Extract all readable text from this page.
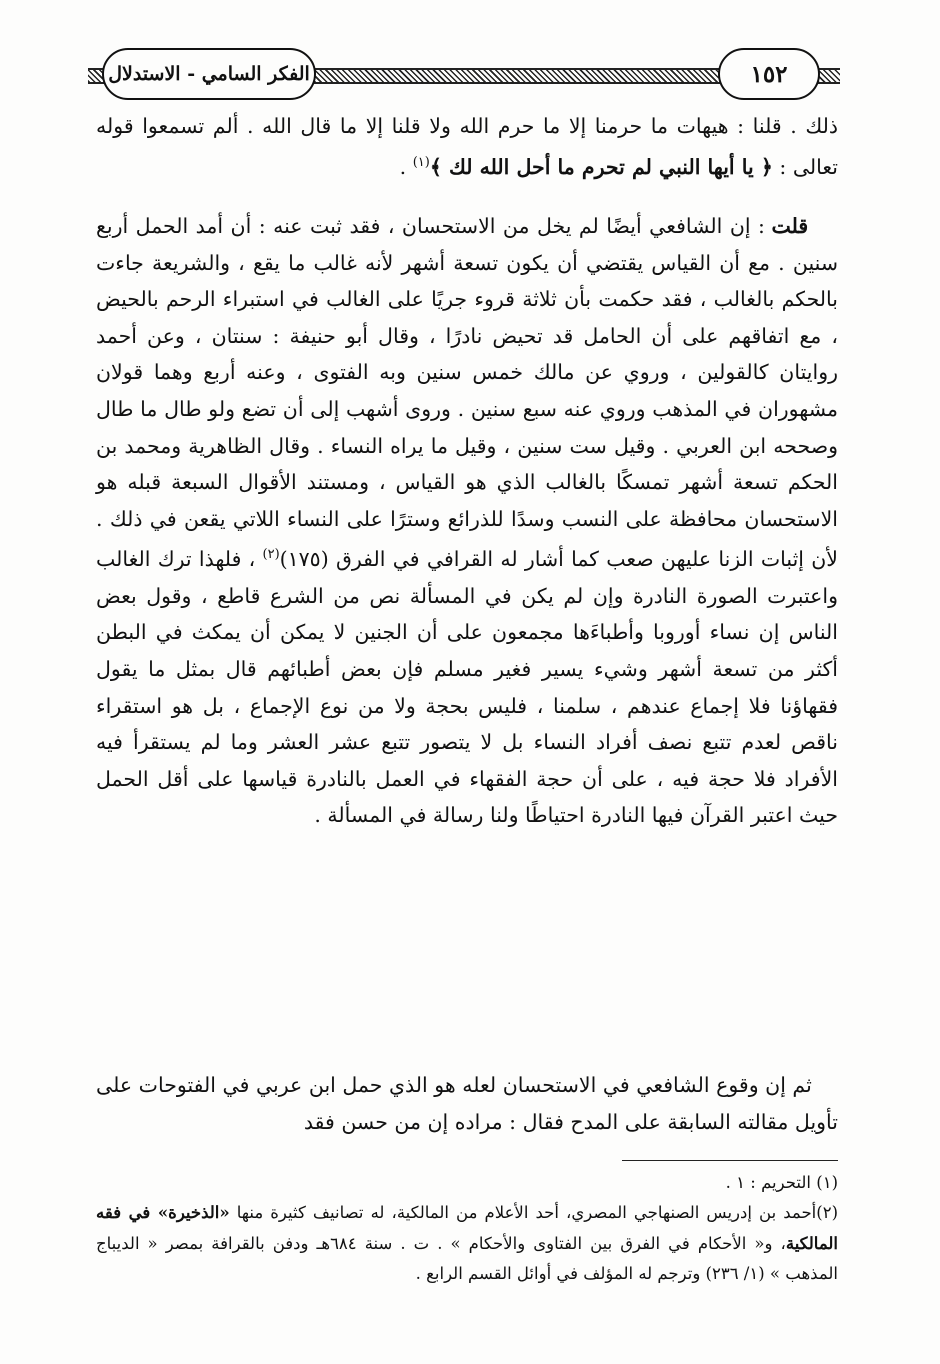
الفكر السامي - الاستدلال	١٥٢

ذلك . قلنا : هيهات ما حرمنا إلا ما حرم الله ولا قلنا إلا ما قال الله . ألم تسمعوا قوله تعالى : ﴿ يا أيها النبي لم تحرم ما أحل الله لك ﴾$^{(١)}$ .

قلت : إن الشافعي أيضًا لم يخل من الاستحسان ، فقد ثبت عنه : أن أمد الحمل أربع سنين . مع أن القياس يقتضي أن يكون تسعة أشهر لأنه غالب ما يقع ، والشريعة جاءت بالحكم بالغالب ، فقد حكمت بأن ثلاثة قروء جريًا على الغالب في استبراء الرحم بالحيض ، مع اتفاقهم على أن الحامل قد تحيض نادرًا ، وقال أبو حنيفة : سنتان ، وعن أحمد روايتان كالقولين ، وروي عن مالك خمس سنين وبه الفتوى ، وعنه أربع وهما قولان مشهوران في المذهب وروي عنه سبع سنين . وروى أشهب إلى أن تضع ولو طال ما طال وصححه ابن العربي . وقيل ست سنين ، وقيل ما يراه النساء . وقال الظاهرية ومحمد بن الحكم تسعة أشهر تمسكًا بالغالب الذي هو القياس ، ومستند الأقوال السبعة قبله هو الاستحسان محافظة على النسب وسدًا للذرائع وسترًا على النساء اللاتي يقعن في ذلك . لأن إثبات الزنا عليهن صعب كما أشار له القرافي في الفرق (١٧٥)$^{(٢)}$ ، فلهذا ترك الغالب واعتبرت الصورة النادرة وإن لم يكن في المسألة نص من الشرع قاطع ، وقول بعض الناس إن نساء أوروبا وأطباءَها مجمعون على أن الجنين لا يمكن أن يمكث في البطن أكثر من تسعة أشهر وشيء يسير فغير مسلم فإن بعض أطبائهم قال بمثل ما يقول فقهاؤنا فلا إجماع عندهم ، سلمنا ، فليس بحجة ولا من نوع الإجماع ، بل هو استقراء ناقص لعدم تتبع نصف أفراد النساء بل لا يتصور تتبع عشر العشر وما لم يستقرأ فيه الأفراد فلا حجة فيه ، على أن حجة الفقهاء في العمل بالنادرة قياسها على أقل الحمل حيث اعتبر القرآن فيها النادرة احتياطًا ولنا رسالة في المسألة .

ثم إن وقوع الشافعي في الاستحسان لعله هو الذي حمل ابن عربي في الفتوحات على تأويل مقالته السابقة على المدح فقال : مراده إن من حسن فقد

(١) التحريم : ١ .

(٢)أحمد بن إدريس الصنهاجي المصري، أحد الأعلام من المالكية، له تصانيف كثيرة منها «الذخيرة» في فقه المالكية، و« الأحكام في الفرق بين الفتاوى والأحكام » . ت . سنة ٦٨٤هـ ودفن بالقرافة بمصر « الديباج المذهب » (١/ ٢٣٦) وترجم له المؤلف في أوائل القسم الرابع .
